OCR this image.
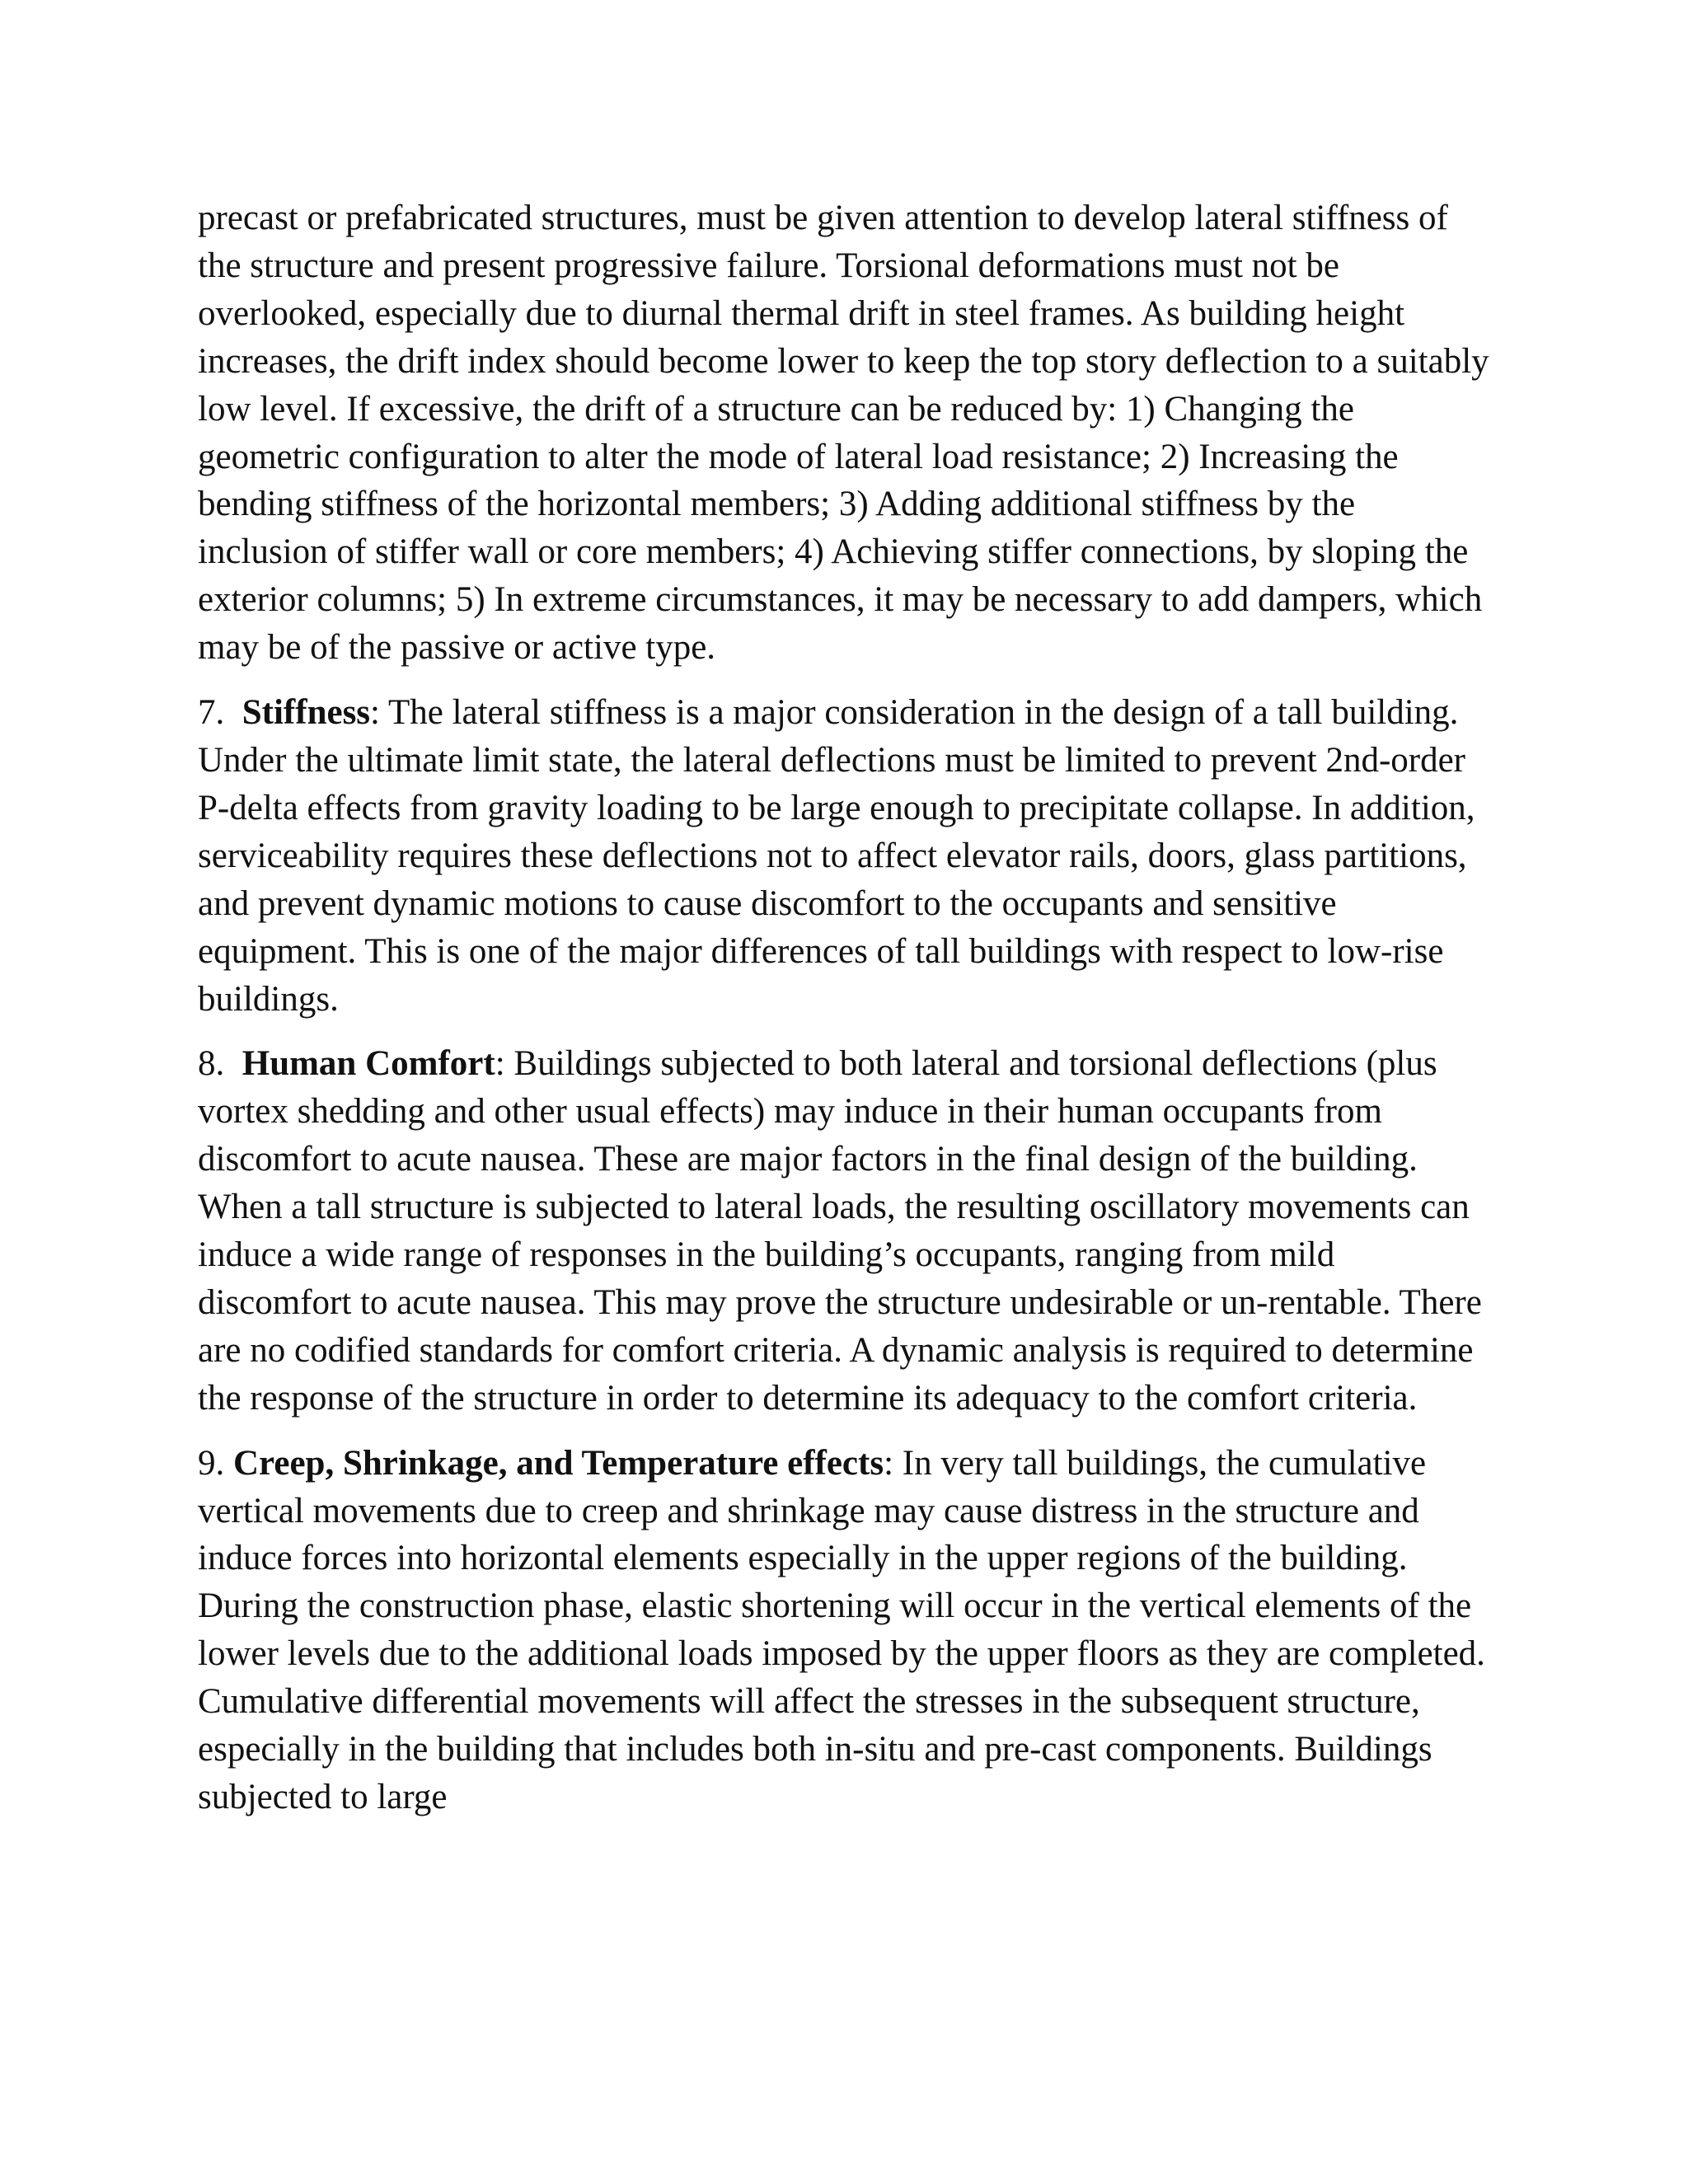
precast or prefabricated structures, must be given attention to develop lateral stiffness of the structure and present progressive failure. Torsional deformations must not be overlooked, especially due to diurnal thermal drift in steel frames. As building height increases, the drift index should become lower to keep the top story deflection to a suitably low level. If excessive, the drift of a structure can be reduced by: 1) Changing the geometric configuration to alter the mode of lateral load resistance; 2) Increasing the bending stiffness of the horizontal members; 3) Adding additional stiffness by the inclusion of stiffer wall or core members; 4) Achieving stiffer connections, by sloping the exterior columns; 5) In extreme circumstances, it may be necessary to add dampers, which may be of the passive or active type.

7.  Stiffness: The lateral stiffness is a major consideration in the design of a tall building. Under the ultimate limit state, the lateral deflections must be limited to prevent 2nd-order P-delta effects from gravity loading to be large enough to precipitate collapse. In addition, serviceability requires these deflections not to affect elevator rails, doors, glass partitions, and prevent dynamic motions to cause discomfort to the occupants and sensitive equipment. This is one of the major differences of tall buildings with respect to low-rise buildings.

8.  Human Comfort: Buildings subjected to both lateral and torsional deflections (plus vortex shedding and other usual effects) may induce in their human occupants from discomfort to acute nausea. These are major factors in the final design of the building. When a tall structure is subjected to lateral loads, the resulting oscillatory movements can induce a wide range of responses in the building’s occupants, ranging from mild discomfort to acute nausea. This may prove the structure undesirable or un-rentable. There are no codified standards for comfort criteria. A dynamic analysis is required to determine the response of the structure in order to determine its adequacy to the comfort criteria.

9. Creep, Shrinkage, and Temperature effects: In very tall buildings, the cumulative vertical movements due to creep and shrinkage may cause distress in the structure and induce forces into horizontal elements especially in the upper regions of the building. During the construction phase, elastic shortening will occur in the vertical elements of the lower levels due to the additional loads imposed by the upper floors as they are completed. Cumulative differential movements will affect the stresses in the subsequent structure, especially in the building that includes both in-situ and pre-cast components. Buildings subjected to large
